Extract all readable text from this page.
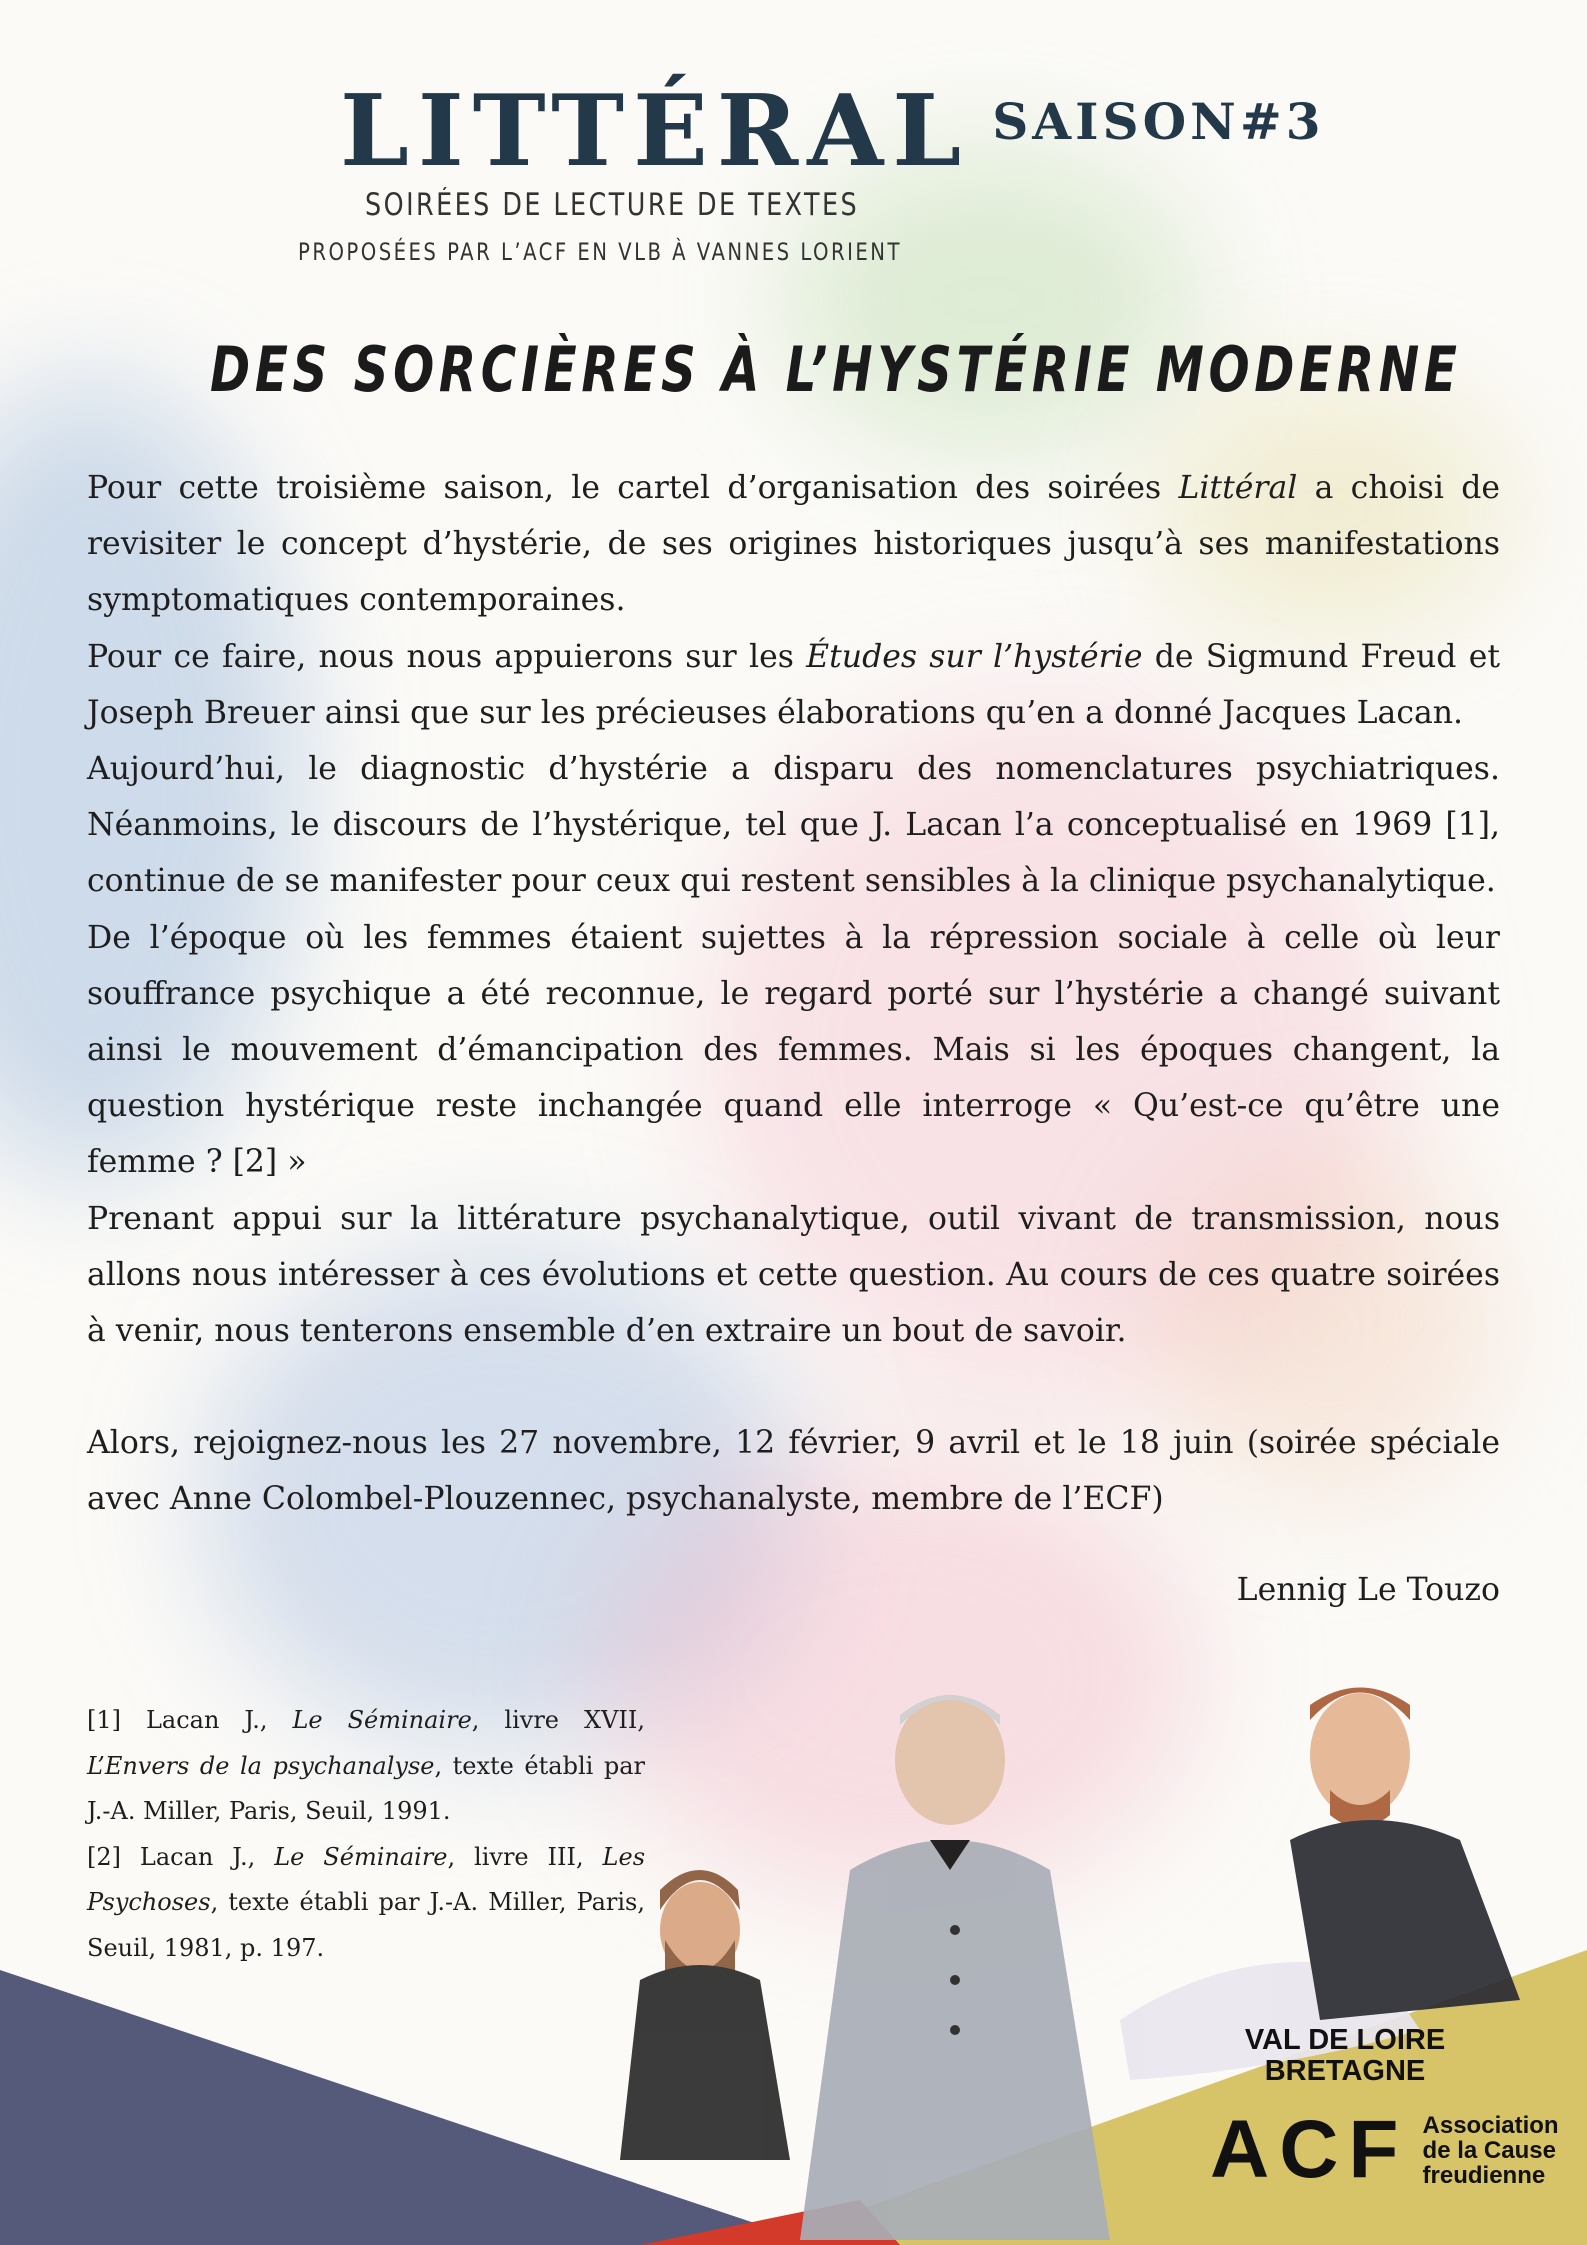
LITTÉRAL SAISON#3
SOIRÉES DE LECTURE DE TEXTES
PROPOSÉES PAR L’ACF EN VLB À VANNES LORIENT
DES SORCIÈRES À L’HYSTÉRIE MODERNE

Pour cette troisième saison, le cartel d’organisation des soirées Littéral a choisi de revisiter le concept d’hystérie, de ses origines historiques jusqu’à ses manifestations symptomatiques contemporaines.

Pour ce faire, nous nous appuierons sur les Études sur l’hystérie de Sigmund Freud et Joseph Breuer ainsi que sur les précieuses élaborations qu’en a donné Jacques Lacan.

Aujourd’hui, le diagnostic d’hystérie a disparu des nomenclatures psychiatriques. Néanmoins, le discours de l’hystérique, tel que J. Lacan l’a conceptualisé en 1969 [1], continue de se manifester pour ceux qui restent sensibles à la clinique psychanalytique.

De l’époque où les femmes étaient sujettes à la répression sociale à celle où leur souffrance psychique a été reconnue, le regard porté sur l’hystérie a changé suivant ainsi le mouvement d’émancipation des femmes. Mais si les époques changent, la question hystérique reste inchangée quand elle interroge « Qu’est-ce qu’être une femme ? [2] »

Prenant appui sur la littérature psychanalytique, outil vivant de transmission, nous allons nous intéresser à ces évolutions et cette question. Au cours de ces quatre soirées à venir, nous tenterons ensemble d’en extraire un bout de savoir.

Alors, rejoignez-nous les 27 novembre, 12 février, 9 avril et le 18 juin (soirée spéciale avec Anne Colombel-Plouzennec, psychanalyste, membre de l’ECF)

Lennig Le Touzo

[1] Lacan J., Le Séminaire, livre XVII, L’Envers de la psychanalyse, texte établi par J.-A. Miller, Paris, Seuil, 1991.

[2] Lacan J., Le Séminaire, livre III, Les Psychoses, texte établi par J.-A. Miller, Paris, Seuil, 1981, p. 197.

VAL DE LOIRE
BRETAGNE
ACF Association
de la Cause
freudienne
